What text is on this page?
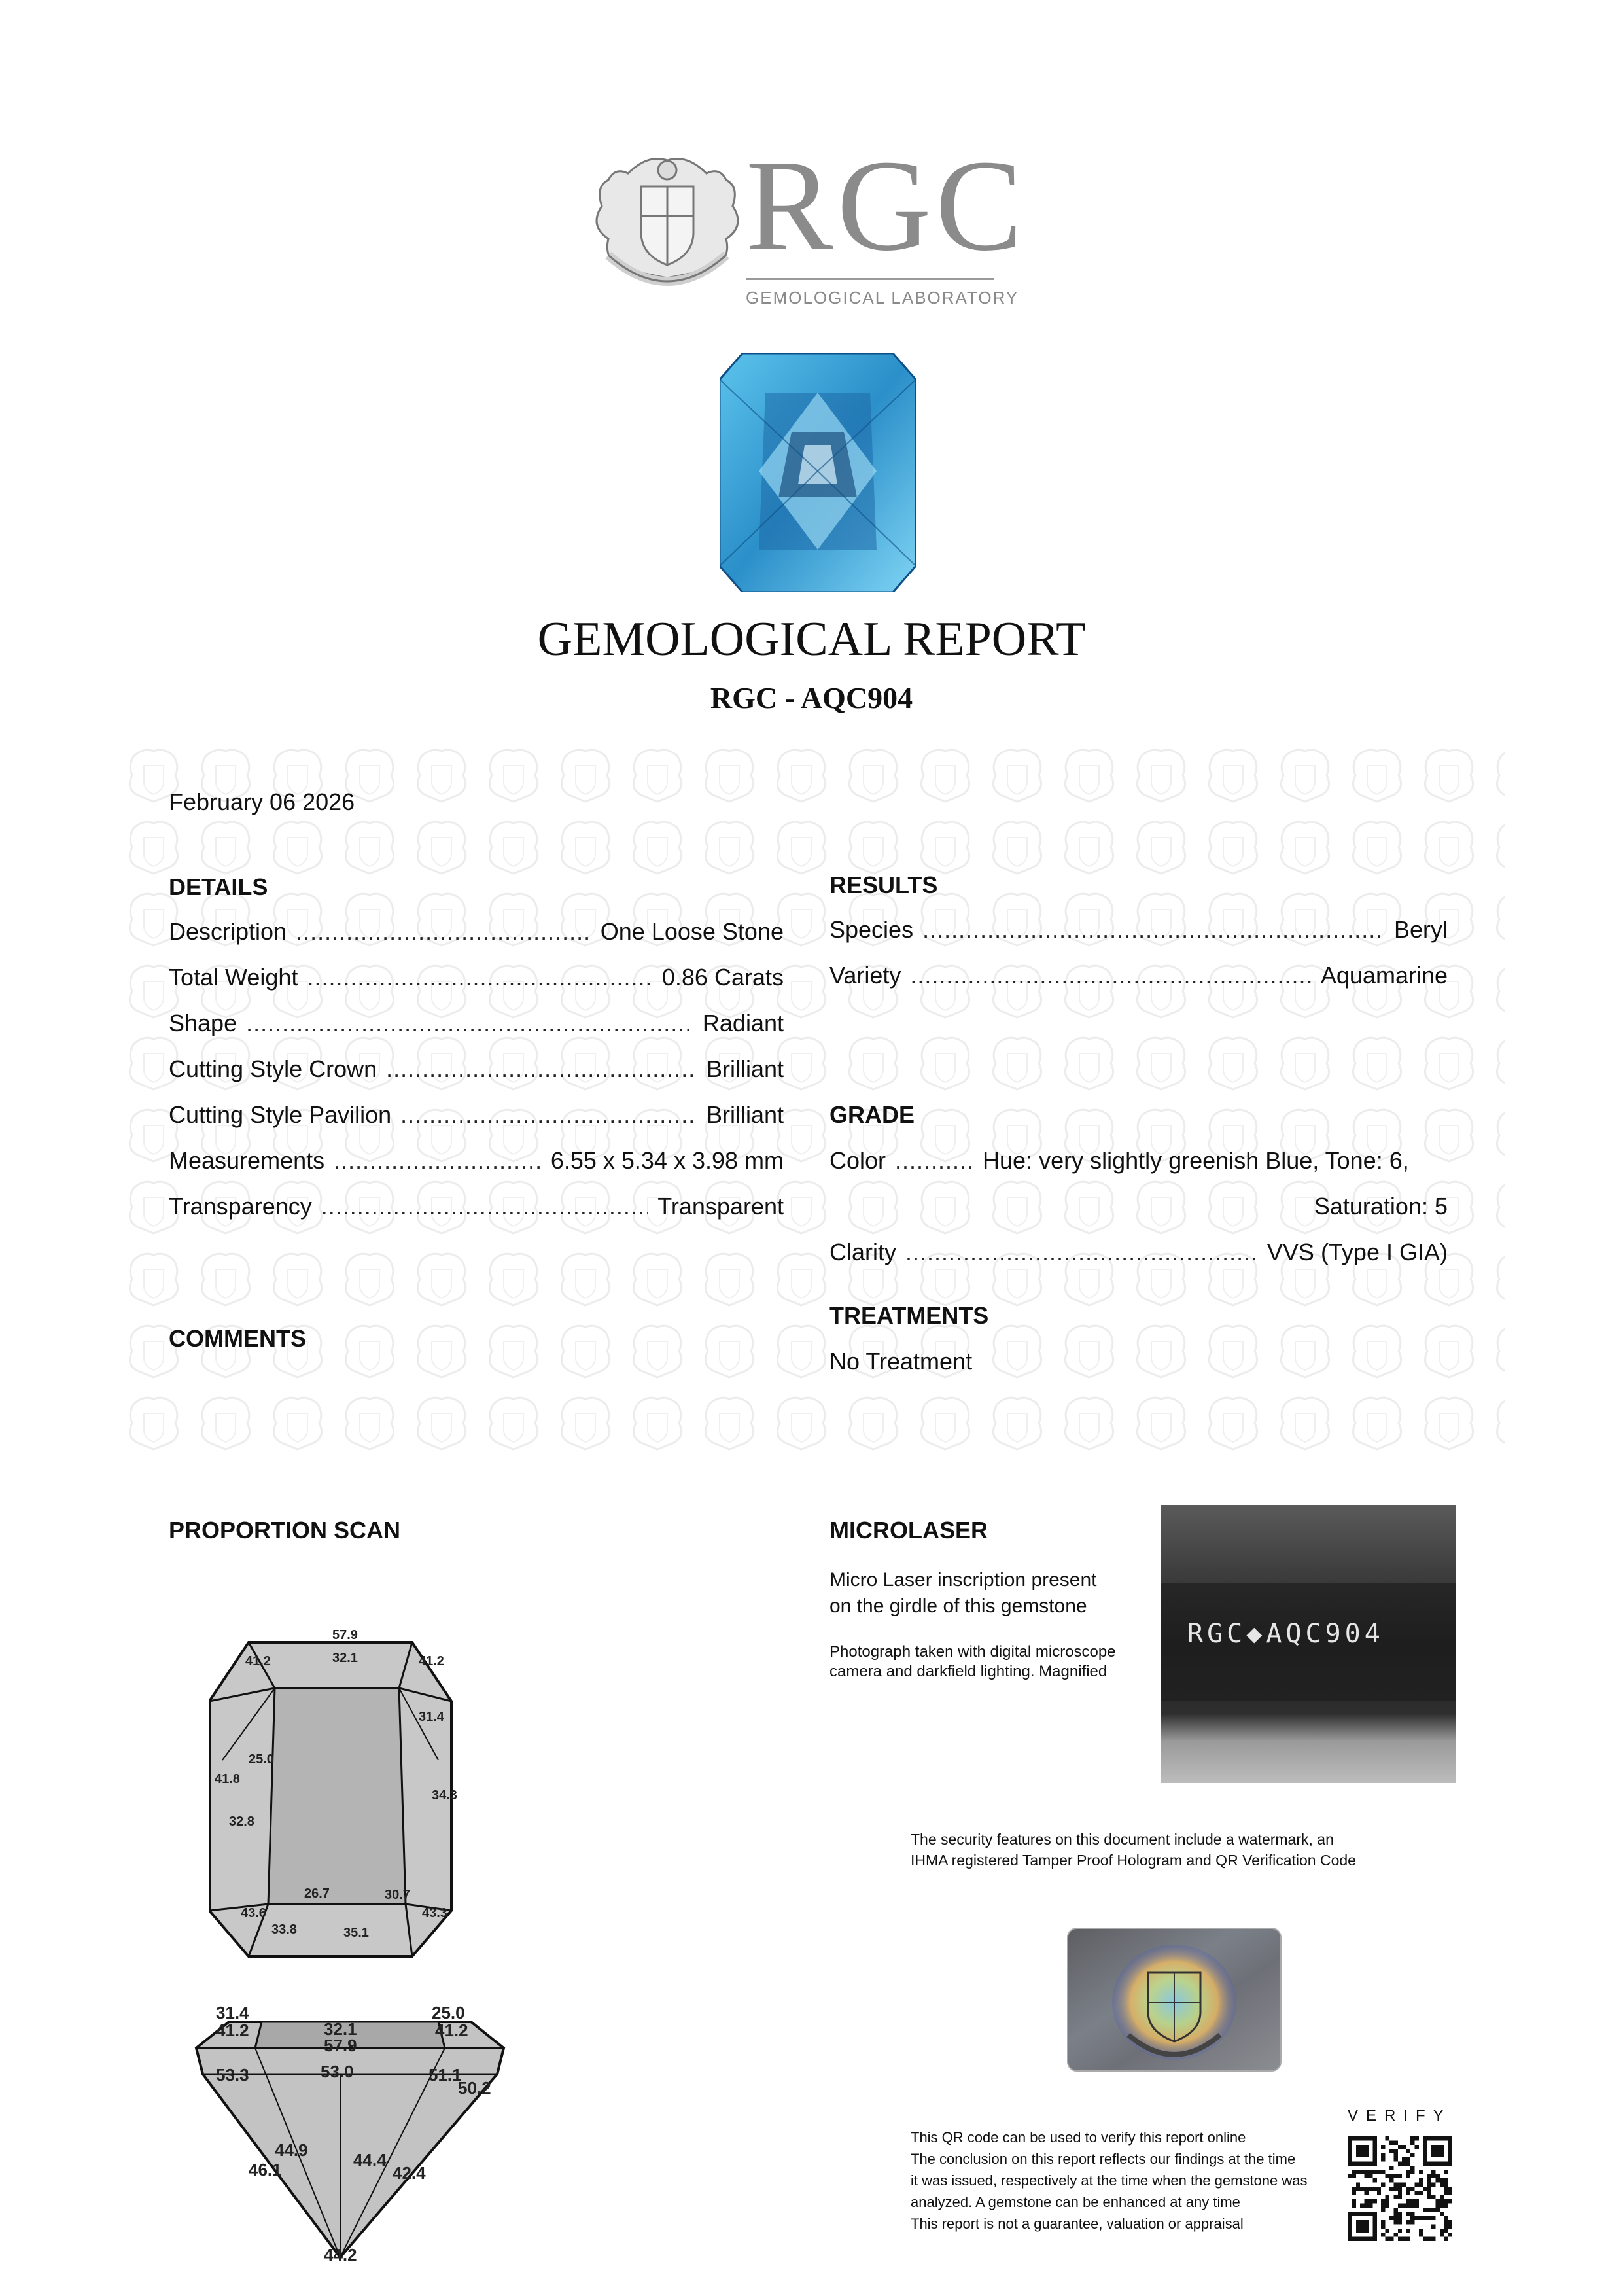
RGC
GEMOLOGICAL LABORATORY
GEMOLOGICAL REPORT
RGC - AQC904
February 06 2026
DETAILS
Description .....	One Loose Stone
Total Weight .....	0.86 Carats
Shape .....	Radiant
Cutting Style Crown .....	Brilliant
Cutting Style Pavilion .....	Brilliant
Measurements .....	6.55 x 5.34 x 3.98 mm
Transparency .....	Transparent
COMMENTS
RESULTS
Species .....	Beryl
Variety .....	Aquamarine
GRADE
Color .....	Hue: very slightly greenish Blue, Tone: 6,
Saturation: 5
Clarity .....	VVS (Type I GIA)
TREATMENTS
No Treatment
PROPORTION SCAN
57.9
32.1
41.2	41.2
31.4
25.0
41.8
34.3
32.8
26.7	30.7
43.6
33.8	35.1
43.3
31.4
41.2	32.1
57.9
25.0
41.2
53.3	53.0	51.1
50.2
44.9
46.1	44.4
42.4
44.2
MICROLASER
Micro Laser inscription present
on the girdle of this gemstone
Photograph taken with digital microscope
camera and darkfield lighting. Magnified
RGC◆AQC904
The security features on this document include a watermark, an
IHMA registered Tamper Proof Hologram and QR Verification Code
VERIFY
This QR code can be used to verify this report online
The conclusion on this report reflects our findings at the time
it was issued, respectively at the time when the gemstone was
analyzed. A gemstone can be enhanced at any time
This report is not a guarantee, valuation or appraisal
